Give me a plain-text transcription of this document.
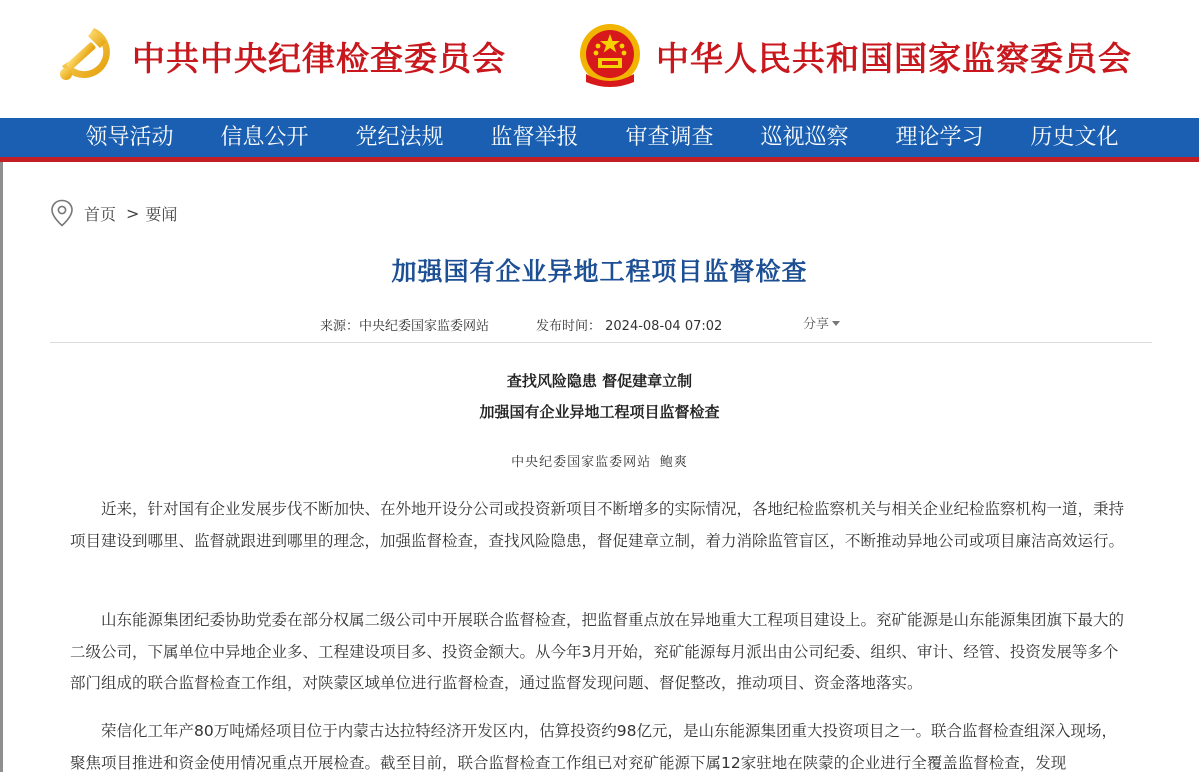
中共中央纪律检查委员会	中华人民共和国国家监察委员会
领导活动	信息公开	党纪法规	监督举报	审查调查	巡视巡察	理论学习	历史文化
首页 > 要闻
加强国有企业异地工程项目监督检查
来源：中央纪委国家监委网站	发布时间： 2024-08-04 07:02	分享
查找风险隐患 督促建章立制
加强国有企业异地工程项目监督检查
中央纪委国家监委网站 鲍爽

近来，针对国有企业发展步伐不断加快、在外地开设分公司或投资新项目不断增多的实际情况，各地纪检监察机关与相关企业纪检监察机构一道，秉持项目建设到哪里、监督就跟进到哪里的理念，加强监督检查，查找风险隐患，督促建章立制，着力消除监管盲区，不断推动异地公司或项目廉洁高效运行。

山东能源集团纪委协助党委在部分权属二级公司中开展联合监督检查，把监督重点放在异地重大工程项目建设上。兖矿能源是山东能源集团旗下最大的二级公司，下属单位中异地企业多、工程建设项目多、投资金额大。从今年3月开始，兖矿能源每月派出由公司纪委、组织、审计、经管、投资发展等多个部门组成的联合监督检查工作组，对陕蒙区域单位进行监督检查，通过监督发现问题、督促整改，推动项目、资金落地落实。

荣信化工年产80万吨烯烃项目位于内蒙古达拉特经济开发区内，估算投资约98亿元，是山东能源集团重大投资项目之一。联合监督检查组深入现场，聚焦项目推进和资金使用情况重点开展检查。截至目前，联合监督检查工作组已对兖矿能源下属12家驻地在陕蒙的企业进行全覆盖监督检查，发现
